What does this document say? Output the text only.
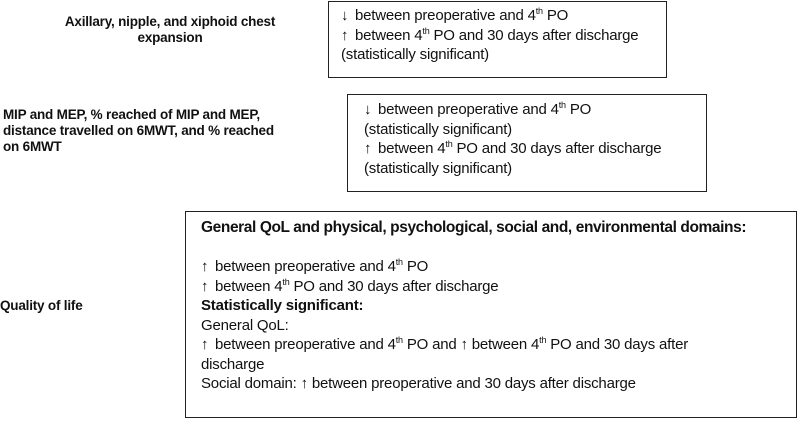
Axillary, nipple, and xiphoid chest
expansion
↓ between preoperative and 4th PO
↑ between 4th PO and 30 days after discharge
(statistically significant)
MIP and MEP, % reached of MIP and MEP,
distance travelled on 6MWT, and % reached
on 6MWT
↓ between preoperative and 4th PO
(statistically significant)
↑ between 4th PO and 30 days after discharge
(statistically significant)
Quality of life
General QoL and physical, psychological, social and, environmental domains:
↑ between preoperative and 4th PO
↑ between 4th PO and 30 days after discharge
Statistically significant:
General QoL:
↑ between preoperative and 4th PO and ↑ between 4th PO and 30 days after
discharge
Social domain: ↑ between preoperative and 30 days after discharge
